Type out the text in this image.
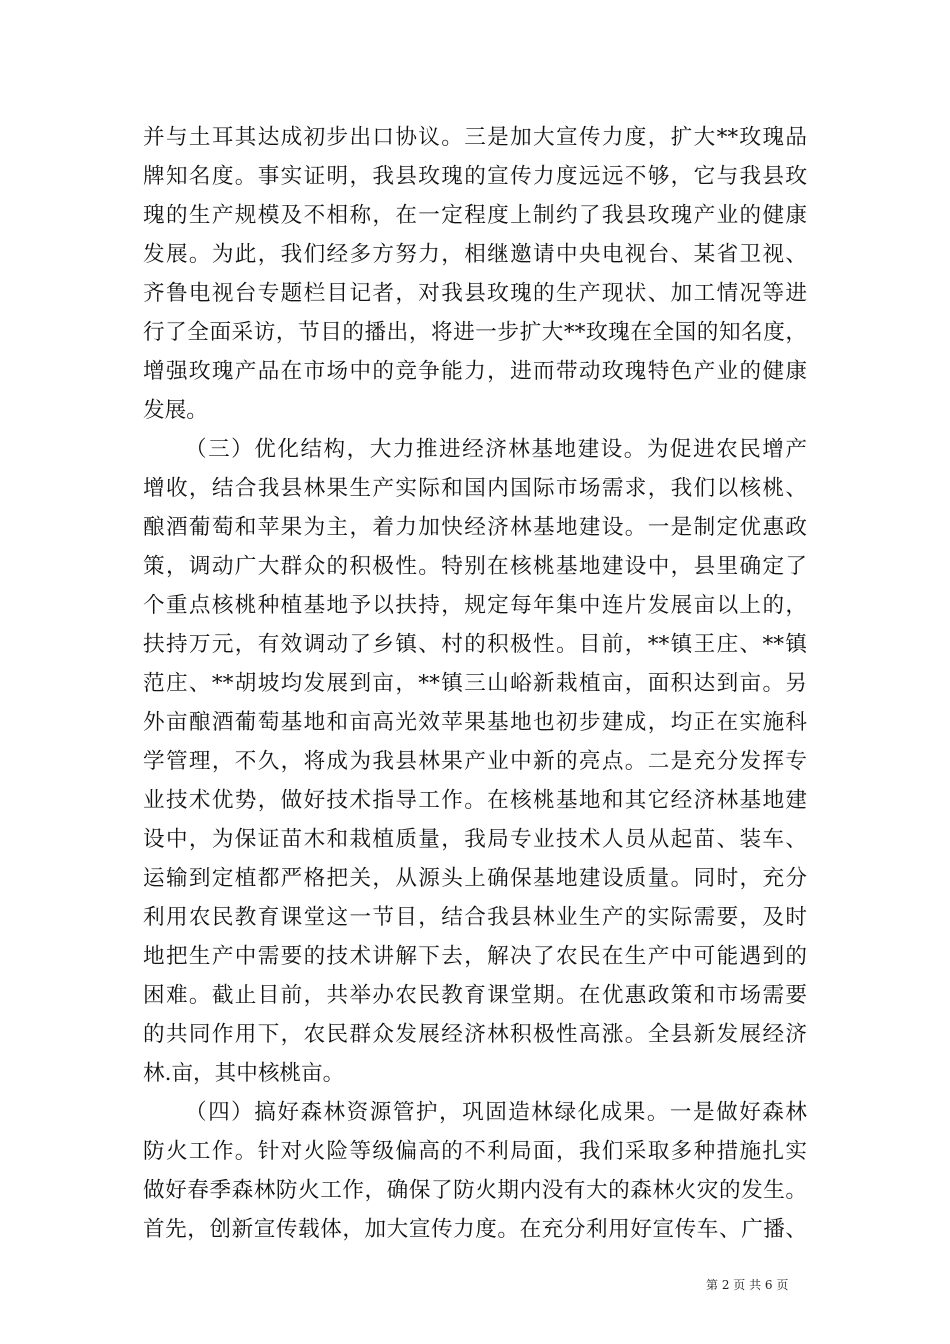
并与土耳其达成初步出口协议。三是加大宣传力度，扩大**玫瑰品
牌知名度。事实证明，我县玫瑰的宣传力度远远不够，它与我县玫
瑰的生产规模及不相称，在一定程度上制约了我县玫瑰产业的健康
发展。为此，我们经多方努力，相继邀请中央电视台、某省卫视、
齐鲁电视台专题栏目记者，对我县玫瑰的生产现状、加工情况等进
行了全面采访，节目的播出，将进一步扩大**玫瑰在全国的知名度，
增强玫瑰产品在市场中的竞争能力，进而带动玫瑰特色产业的健康
发展。
（三）优化结构，大力推进经济林基地建设。为促进农民增产
增收，结合我县林果生产实际和国内国际市场需求，我们以核桃、
酿酒葡萄和苹果为主，着力加快经济林基地建设。一是制定优惠政
策，调动广大群众的积极性。特别在核桃基地建设中，县里确定了
个重点核桃种植基地予以扶持，规定每年集中连片发展亩以上的，
扶持万元，有效调动了乡镇、村的积极性。目前，**镇王庄、**镇
范庄、**胡坡均发展到亩，**镇三山峪新栽植亩，面积达到亩。另
外亩酿酒葡萄基地和亩高光效苹果基地也初步建成，均正在实施科
学管理，不久，将成为我县林果产业中新的亮点。二是充分发挥专
业技术优势，做好技术指导工作。在核桃基地和其它经济林基地建
设中，为保证苗木和栽植质量，我局专业技术人员从起苗、装车、
运输到定植都严格把关，从源头上确保基地建设质量。同时，充分
利用农民教育课堂这一节目，结合我县林业生产的实际需要，及时
地把生产中需要的技术讲解下去，解决了农民在生产中可能遇到的
困难。截止目前，共举办农民教育课堂期。在优惠政策和市场需要
的共同作用下，农民群众发展经济林积极性高涨。全县新发展经济
林.亩，其中核桃亩。
（四）搞好森林资源管护，巩固造林绿化成果。一是做好森林
防火工作。针对火险等级偏高的不利局面，我们采取多种措施扎实
做好春季森林防火工作，确保了防火期内没有大的森林火灾的发生。
首先，创新宣传载体，加大宣传力度。在充分利用好宣传车、广播、
第 2 页 共 6 页
